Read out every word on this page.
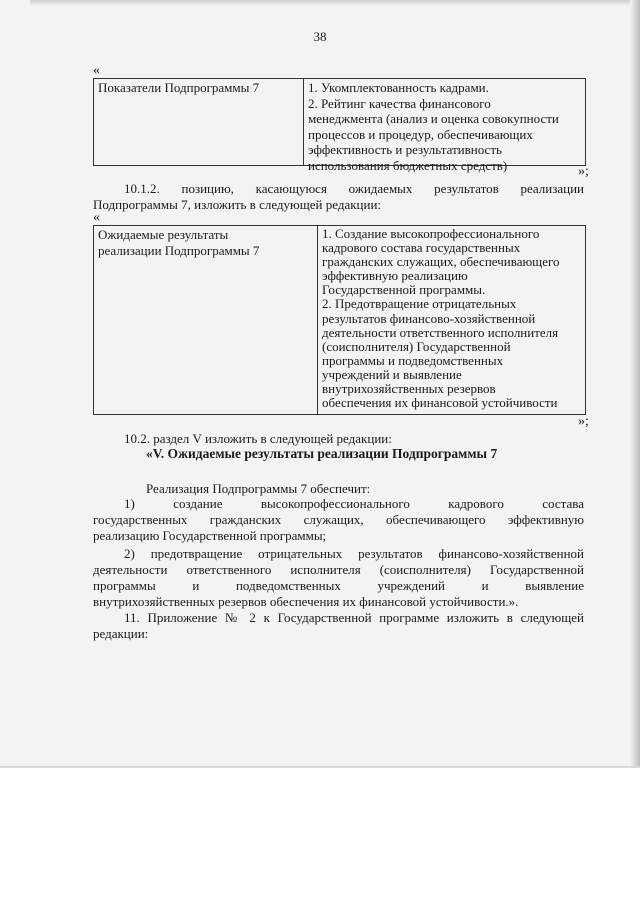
38
«
Показатели Подпрограммы 7	1. Укомплектованность кадрами.
2. Рейтинг качества финансового
менеджмента (анализ и оценка совокупности
процессов и процедур, обеспечивающих
эффективность и результативность
использования бюджетных средств)	»;
10.1.2. позицию, касающуюся ожидаемых результатов реализации
Подпрограммы 7, изложить в следующей редакции:
«
Ожидаемые результаты
реализации Подпрограммы 7
1. Создание высокопрофессионального
кадрового состава государственных
гражданских служащих, обеспечивающего
эффективную реализацию
Государственной программы.
2. Предотвращение отрицательных
результатов финансово-хозяйственной
деятельности ответственного исполнителя
(соисполнителя) Государственной
программы и подведомственных
учреждений и выявление
внутрихозяйственных резервов
обеспечения их финансовой устойчивости
»;
10.2. раздел V изложить в следующей редакции:
«V. Ожидаемые результаты реализации Подпрограммы 7
Реализация Подпрограммы 7 обеспечит:
1) создание высокопрофессионального кадрового состава
государственных гражданских служащих, обеспечивающего эффективную
реализацию Государственной программы;
2) предотвращение отрицательных результатов финансово-хозяйственной
деятельности ответственного исполнителя (соисполнителя) Государственной
программы и подведомственных учреждений и выявление
внутрихозяйственных резервов обеспечения их финансовой устойчивости.».
11. Приложение № 2 к Государственной программе изложить в следующей
редакции:
